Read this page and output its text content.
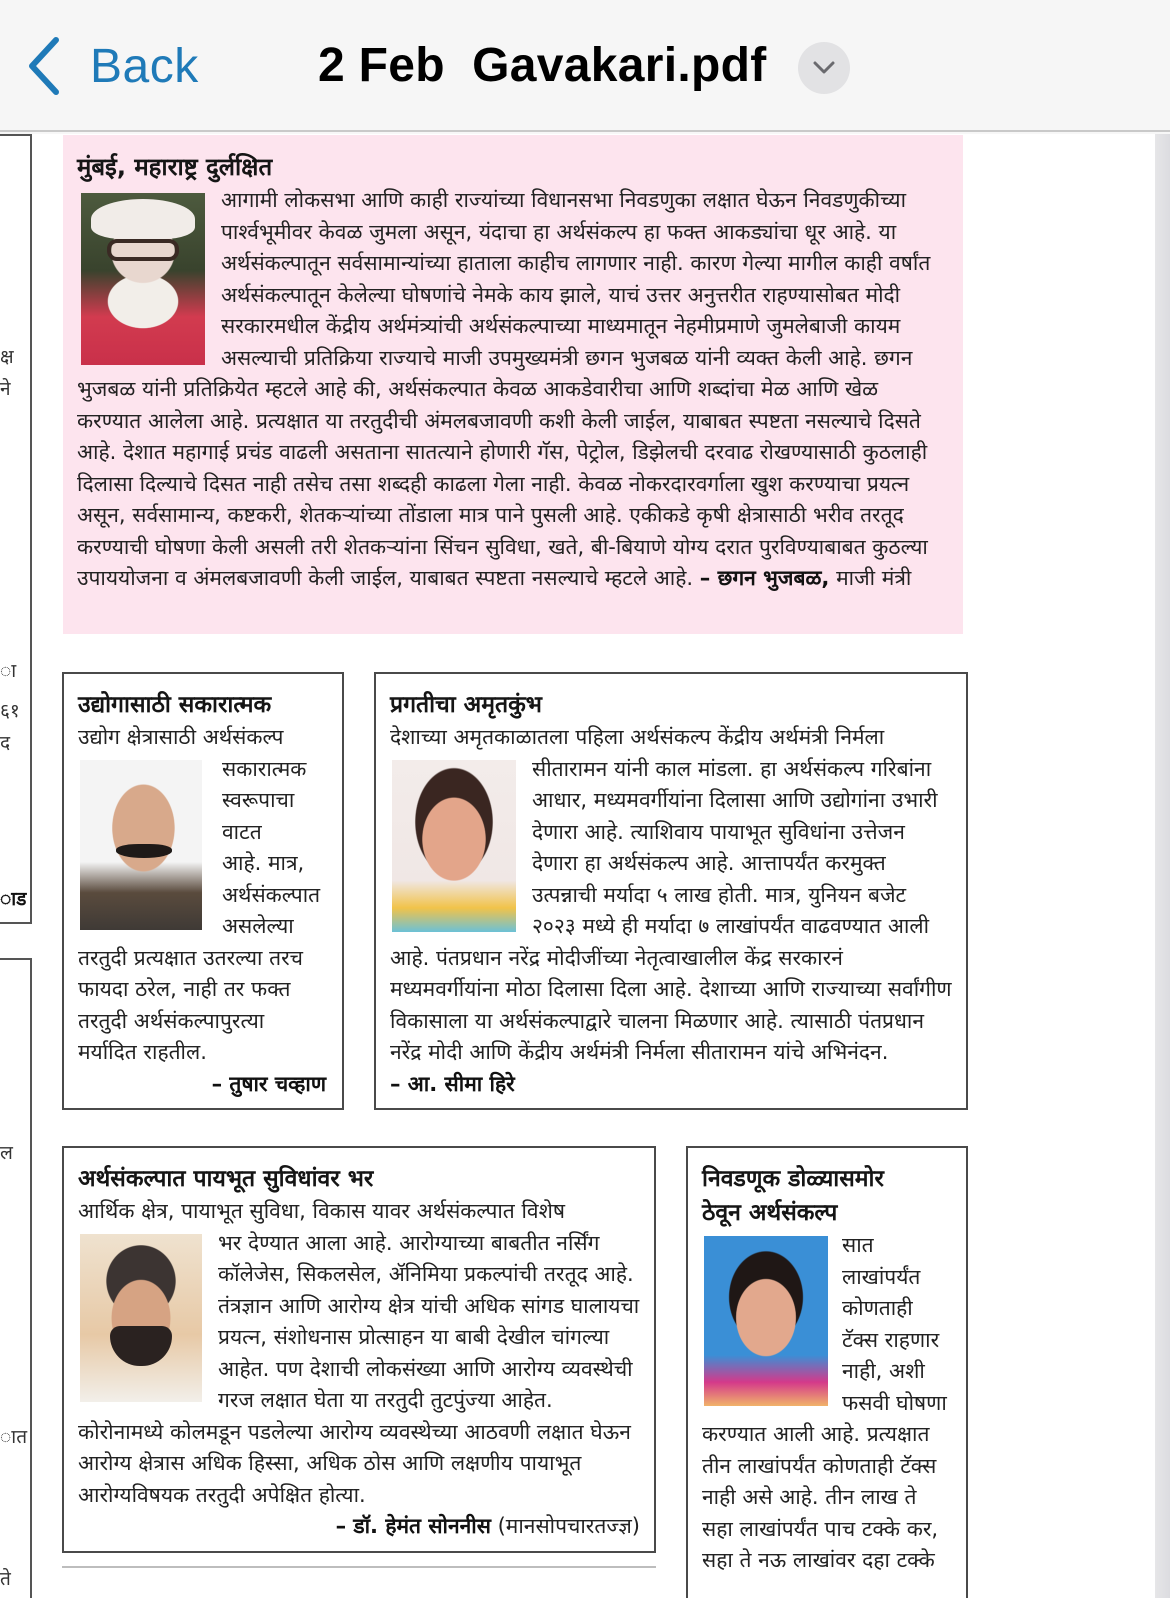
Back 2 Feb  Gavakari.pdf
क्ष
ने
ा
६१
द
ाड
ल
ात
ते
मुंबई, महाराष्ट्र दुर्लक्षित
आगामी लोकसभा आणि काही राज्यांच्या विधानसभा निवडणुका लक्षात घेऊन निवडणुकीच्या पार्श्वभूमीवर केवळ जुमला असून, यंदाचा हा अर्थसंकल्प हा फक्त आकड्यांचा धूर आहे. या अर्थसंकल्पातून सर्वसामान्यांच्या हाताला काहीच लागणार नाही. कारण गेल्या मागील काही वर्षांत अर्थसंकल्पातून केलेल्या घोषणांचे नेमके काय झाले, याचं उत्तर अनुत्तरीत राहण्यासोबत मोदी सरकारमधील केंद्रीय अर्थमंत्र्यांची अर्थसंकल्पाच्या माध्यमातून नेहमीप्रमाणे जुमलेबाजी कायम असल्याची प्रतिक्रिया राज्याचे माजी उपमुख्यमंत्री छगन भुजबळ यांनी व्यक्त केली आहे. छगन भुजबळ यांनी प्रतिक्रियेत म्हटले आहे की, अर्थसंकल्पात केवळ आकडेवारीचा आणि शब्दांचा मेळ आणि खेळ करण्यात आलेला आहे. प्रत्यक्षात या तरतुदीची अंमलबजावणी कशी केली जाईल, याबाबत स्पष्टता नसल्याचे दिसते आहे. देशात महागाई प्रचंड वाढली असताना सातत्याने होणारी गॅस, पेट्रोल, डिझेलची दरवाढ रोखण्यासाठी कुठलाही दिलासा दिल्याचे दिसत नाही तसेच तसा शब्दही काढला गेला नाही. केवळ नोकरदारवर्गाला खुश करण्याचा प्रयत्न असून, सर्वसामान्य, कष्टकरी, शेतकऱ्यांच्या तोंडाला मात्र पाने पुसली आहे. एकीकडे कृषी क्षेत्रासाठी भरीव तरतूद करण्याची घोषणा केली असली तरी शेतकऱ्यांना सिंचन सुविधा, खते, बी-बियाणे योग्य दरात पुरविण्याबाबत कुठल्या उपाययोजना व अंमलबजावणी केली जाईल, याबाबत स्पष्टता नसल्याचे म्हटले आहे. – छगन भुजबळ, माजी मंत्री
उद्योगासाठी सकारात्मक
उद्योग क्षेत्रासाठी अर्थसंकल्प
सकारात्मक
स्वरूपाचा
वाटत
आहे. मात्र,
अर्थसंकल्पात
असलेल्या
तरतुदी प्रत्यक्षात उतरल्या तरच फायदा ठरेल, नाही तर फक्त तरतुदी अर्थसंकल्पापुरत्या मर्यादित राहतील.
– तुषार चव्हाण
प्रगतीचा अमृतकुंभ
देशाच्या अमृतकाळातला पहिला अर्थसंकल्प केंद्रीय अर्थमंत्री निर्मला
सीतारामन यांनी काल मांडला. हा अर्थसंकल्प गरिबांना आधार, मध्यमवर्गीयांना दिलासा आणि उद्योगांना उभारी देणारा आहे. त्याशिवाय पायाभूत सुविधांना उत्तेजन देणारा हा अर्थसंकल्प आहे. आत्तापर्यंत करमुक्त उत्पन्नाची मर्यादा ५ लाख होती. मात्र, युनियन बजेट २०२३ मध्ये ही मर्यादा ७ लाखांपर्यंत वाढवण्यात आली आहे. पंतप्रधान नरेंद्र मोदीजींच्या नेतृत्वाखालील केंद्र सरकारनं मध्यमवर्गीयांना मोठा दिलासा दिला आहे. देशाच्या आणि राज्याच्या सर्वांगीण विकासाला या अर्थसंकल्पाद्वारे चालना मिळणार आहे. त्यासाठी पंतप्रधान नरेंद्र मोदी आणि केंद्रीय अर्थमंत्री निर्मला सीतारामन यांचे अभिनंदन.
– आ. सीमा हिरे
अर्थसंकल्पात पायभूत सुविधांवर भर
आर्थिक क्षेत्र, पायाभूत सुविधा, विकास यावर अर्थसंकल्पात विशेष
भर देण्यात आला आहे. आरोग्याच्या बाबतीत नर्सिंग कॉलेजेस, सिकलसेल, ॲनिमिया प्रकल्पांची तरतूद आहे. तंत्रज्ञान आणि आरोग्य क्षेत्र यांची अधिक सांगड घालायचा प्रयत्न, संशोधनास प्रोत्साहन या बाबी देखील चांगल्या आहेत. पण देशाची लोकसंख्या आणि आरोग्य व्यवस्थेची गरज लक्षात घेता या तरतुदी तुटपुंज्या आहेत. कोरोनामध्ये कोलमडून पडलेल्या आरोग्य व्यवस्थेच्या आठवणी लक्षात घेऊन आरोग्य क्षेत्रास अधिक हिस्सा, अधिक ठोस आणि लक्षणीय पायाभूत आरोग्यविषयक तरतुदी अपेक्षित होत्या.
– डॉ. हेमंत सोननीस (मानसोपचारतज्ज्ञ)
निवडणूक डोळ्यासमोर
ठेवून अर्थसंकल्प
सात
लाखांपर्यंत
कोणताही
टॅक्स राहणार
नाही, अशी
फसवी घोषणा
करण्यात आली आहे. प्रत्यक्षात तीन लाखांपर्यंत कोणताही टॅक्स नाही असे आहे. तीन लाख ते सहा लाखांपर्यंत पाच टक्के कर, सहा ते नऊ लाखांवर दहा टक्के
